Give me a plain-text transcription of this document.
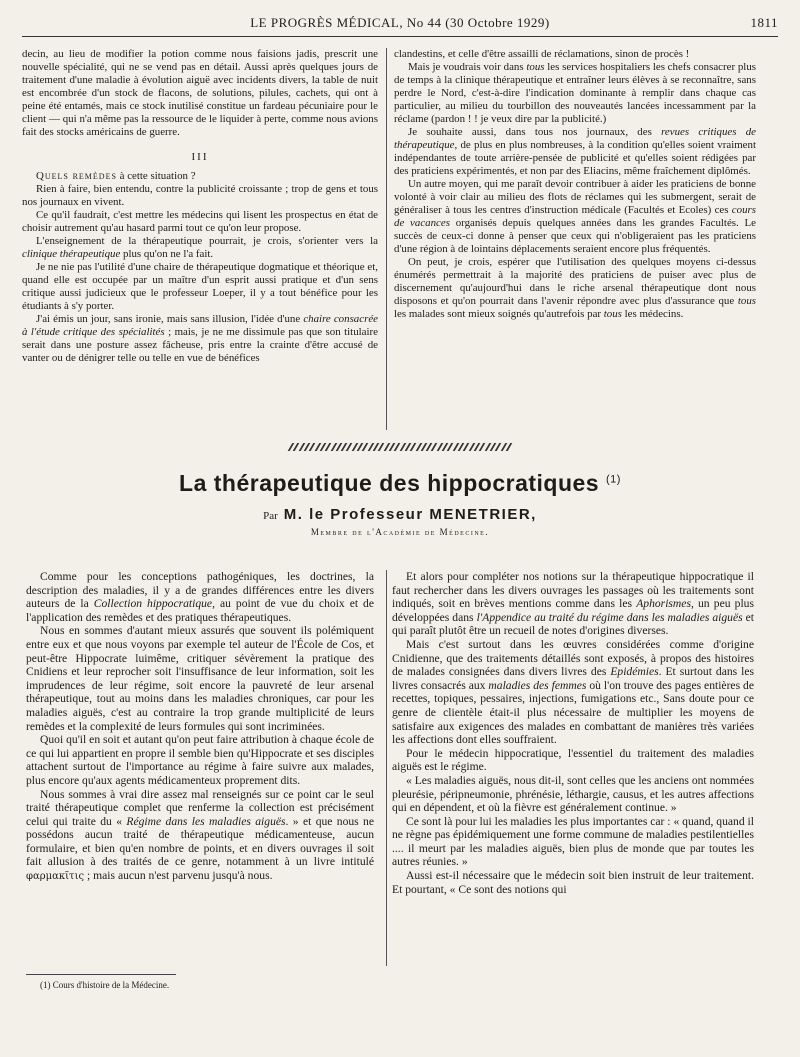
LE PROGRÈS MÉDICAL, No 44 (30 Octobre 1929)	1811

decin, au lieu de modifier la potion comme nous faisions jadis, prescrit une nouvelle spécialité, qui ne se vend pas en détail. Aussi après quelques jours de traitement d'une maladie à évolution aiguë avec incidents divers, la table de nuit est encombrée d'un stock de flacons, de solutions, pilules, cachets, qui ont à peine été entamés, mais ce stock inutilisé constitue un fardeau pécuniaire pour le client — qui n'a même pas la ressource de le liquider à perte, comme nous avions fait des stocks américains de guerre.

III

Quels remèdes à cette situation ?

Rien à faire, bien entendu, contre la publicité croissante ; trop de gens et tous nos journaux en vivent.

Ce qu'il faudrait, c'est mettre les médecins qui lisent les prospectus en état de choisir autrement qu'au hasard parmi tout ce qu'on leur propose.

L'enseignement de la thérapeutique pourrait, je crois, s'orienter vers la clinique thérapeutique plus qu'on ne l'a fait.

Je ne nie pas l'utilité d'une chaire de thérapeutique dogmatique et théorique et, quand elle est occupée par un maître d'un esprit aussi pratique et d'un sens critique aussi judicieux que le professeur Loeper, il y a tout bénéfice pour les étudiants à s'y porter.

J'ai émis un jour, sans ironie, mais sans illusion, l'idée d'une chaire consacrée à l'étude critique des spécialités ; mais, je ne me dissimule pas que son titulaire serait dans une posture assez fâcheuse, pris entre la crainte d'être accusé de vanter ou de dénigrer telle ou telle en vue de bénéfices

clandestins, et celle d'être assailli de réclamations, sinon de procès !

Mais je voudrais voir dans tous les services hospitaliers les chefs consacrer plus de temps à la clinique thérapeutique et entraîner leurs élèves à se reconnaître, sans perdre le Nord, c'est-à-dire l'indication dominante à remplir dans chaque cas particulier, au milieu du tourbillon des nouveautés lancées incessamment par la réclame (pardon ! ! je veux dire par la publicité.)

Je souhaite aussi, dans tous nos journaux, des revues critiques de thérapeutique, de plus en plus nombreuses, à la condition qu'elles soient vraiment indépendantes de toute arrière-pensée de publicité et qu'elles soient rédigées par des praticiens expérimentés, et non par des Eliacins, même fraîchement diplômés.

Un autre moyen, qui me paraît devoir contribuer à aider les praticiens de bonne volonté à voir clair au milieu des flots de réclames qui les submergent, serait de généraliser à tous les centres d'instruction médicale (Facultés et Ecoles) ces cours de vacances organisés depuis quelques années dans les grandes Facultés. Le succès de ceux-ci donne à penser que ceux qui n'obligeraient pas les praticiens d'une région à de lointains déplacements seraient encore plus fréquentés.

On peut, je crois, espérer que l'utilisation des quelques moyens ci-dessus énumérés permettrait à la majorité des praticiens de puiser avec plus de discernement qu'aujourd'hui dans le riche arsenal thérapeutique dont nous disposons et qu'on pourrait dans l'avenir répondre avec plus d'assurance que tous les malades sont mieux soignés qu'autrefois par tous les médecins.

La thérapeutique des hippocratiques $^{(1)}$
Par M. le Professeur MENETRIER,
Membre de l'Académie de Médecine.

Comme pour les conceptions pathogéniques, les doctrines, la description des maladies, il y a de grandes différences entre les divers auteurs de la Collection hippocratique, au point de vue du choix et de l'application des remèdes et des pratiques thérapeutiques.

Nous en sommes d'autant mieux assurés que souvent ils polémiquent entre eux et que nous voyons par exemple tel auteur de l'École de Cos, et peut-être Hippocrate luimême, critiquer sévèrement la pratique des Cnidiens et leur reprocher soit l'insuffisance de leur information, soit les imprudences de leur régime, soit encore la pauvreté de leur arsenal thérapeutique, tout au moins dans les maladies chroniques, car pour les maladies aiguës, c'est au contraire la trop grande multiplicité de leurs remèdes et la complexité de leurs formules qui sont incriminées.

Quoi qu'il en soit et autant qu'on peut faire attribution à chaque école de ce qui lui appartient en propre il semble bien qu'Hippocrate et ses disciples attachent surtout de l'importance au régime à faire suivre aux malades, plus encore qu'aux agents médicamenteux proprement dits.

Nous sommes à vrai dire assez mal renseignés sur ce point car le seul traité thérapeutique complet que renferme la collection est précisément celui qui traite du « Régime dans les maladies aiguës. » et que nous ne possédons aucun traité de thérapeutique médicamenteuse, aucun formulaire, et bien qu'en nombre de points, et en divers ouvrages il soit fait allusion à des traités de ce genre, notamment à un livre intitulé φαρμακῖτις ; mais aucun n'est parvenu jusqu'à nous.

(1) Cours d'histoire de la Médecine.

Et alors pour compléter nos notions sur la thérapeutique hippocratique il faut rechercher dans les divers ouvrages les passages où les traitements sont indiqués, soit en brèves mentions comme dans les Aphorismes, un peu plus développées dans l'Appendice au traité du régime dans les maladies aiguës et qui paraît plutôt être un recueil de notes d'origines diverses.

Mais c'est surtout dans les œuvres considérées comme d'origine Cnidienne, que des traitements détaillés sont exposés, à propos des histoires de malades consignées dans divers livres des Epidémies. Et surtout dans les livres consacrés aux maladies des femmes où l'on trouve des pages entières de recettes, topiques, pessaires, injections, fumigations etc., Sans doute pour ce genre de clientèle était-il plus nécessaire de multiplier les moyens de satisfaire aux exigences des malades en combattant de manières très variées les affections dont elles souffraient.

Pour le médecin hippocratique, l'essentiel du traitement des maladies aiguës est le régime.

« Les maladies aiguës, nous dit-il, sont celles que les anciens ont nommées pleurésie, péripneumonie, phrénésie, léthargie, causus, et les autres affections qui en dépendent, et où la fièvre est généralement continue. »

Ce sont là pour lui les maladies les plus importantes car : « quand, quand il ne règne pas épidémiquement une forme commune de maladies pestilentielles .... il meurt par les maladies aiguës, bien plus de monde que par toutes les autres réunies. »

Aussi est-il nécessaire que le médecin soit bien instruit de leur traitement. Et pourtant, « Ce sont des notions qui
